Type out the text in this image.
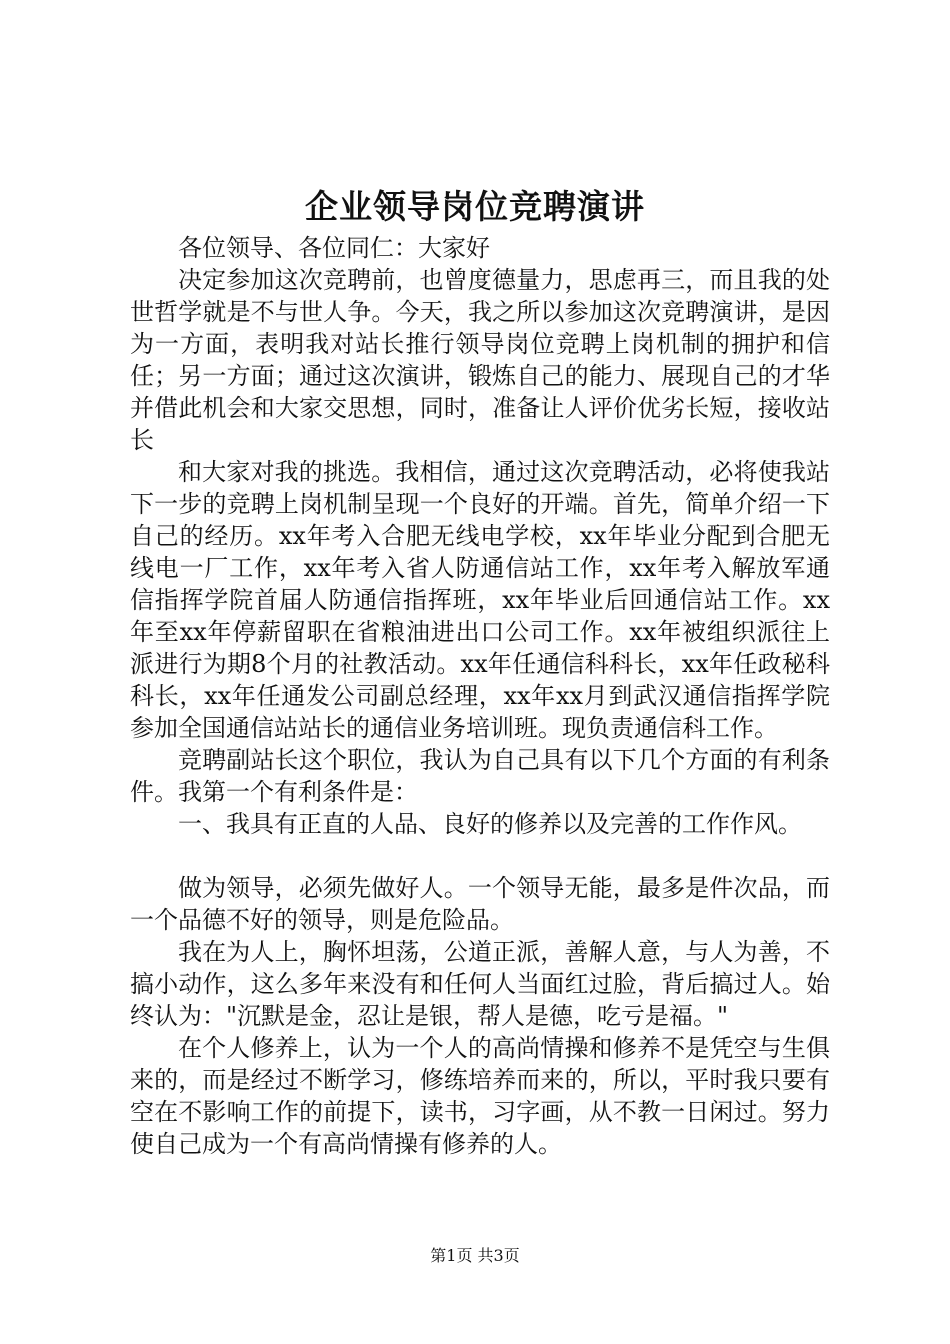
企业领导岗位竞聘演讲

各位领导、各位同仁：大家好

决定参加这次竞聘前，也曾度德量力，思虑再三，而且我的处世哲学就是不与世人争。今天，我之所以参加这次竞聘演讲，是因为一方面，表明我对站长推行领导岗位竞聘上岗机制的拥护和信任；另一方面；通过这次演讲，锻炼自己的能力、展现自己的才华并借此机会和大家交思想，同时，准备让人评价优劣长短，接收站长

和大家对我的挑选。我相信，通过这次竞聘活动，必将使我站下一步的竞聘上岗机制呈现一个良好的开端。首先，简单介绍一下自己的经历。xx年考入合肥无线电学校，xx年毕业分配到合肥无线电一厂工作，xx年考入省人防通信站工作，xx年考入解放军通信指挥学院首届人防通信指挥班，xx年毕业后回通信站工作。xx年至xx年停薪留职在省粮油进出口公司工作。xx年被组织派往上派进行为期8个月的社教活动。xx年任通信科科长，xx年任政秘科科长，xx年任通发公司副总经理，xx年xx月到武汉通信指挥学院参加全国通信站站长的通信业务培训班。现负责通信科工作。

竞聘副站长这个职位，我认为自己具有以下几个方面的有利条件。我第一个有利条件是：

一、我具有正直的人品、良好的修养以及完善的工作作风。

做为领导，必须先做好人。一个领导无能，最多是件次品，而一个品德不好的领导，则是危险品。

我在为人上，胸怀坦荡，公道正派，善解人意，与人为善，不搞小动作，这么多年来没有和任何人当面红过脸，背后搞过人。始终认为："沉默是金，忍让是银，帮人是德，吃亏是福。"

在个人修养上，认为一个人的高尚情操和修养不是凭空与生俱来的，而是经过不断学习，修练培养而来的，所以，平时我只要有空在不影响工作的前提下，读书，习字画，从不教一日闲过。努力使自己成为一个有高尚情操有修养的人。

第1页 共3页
